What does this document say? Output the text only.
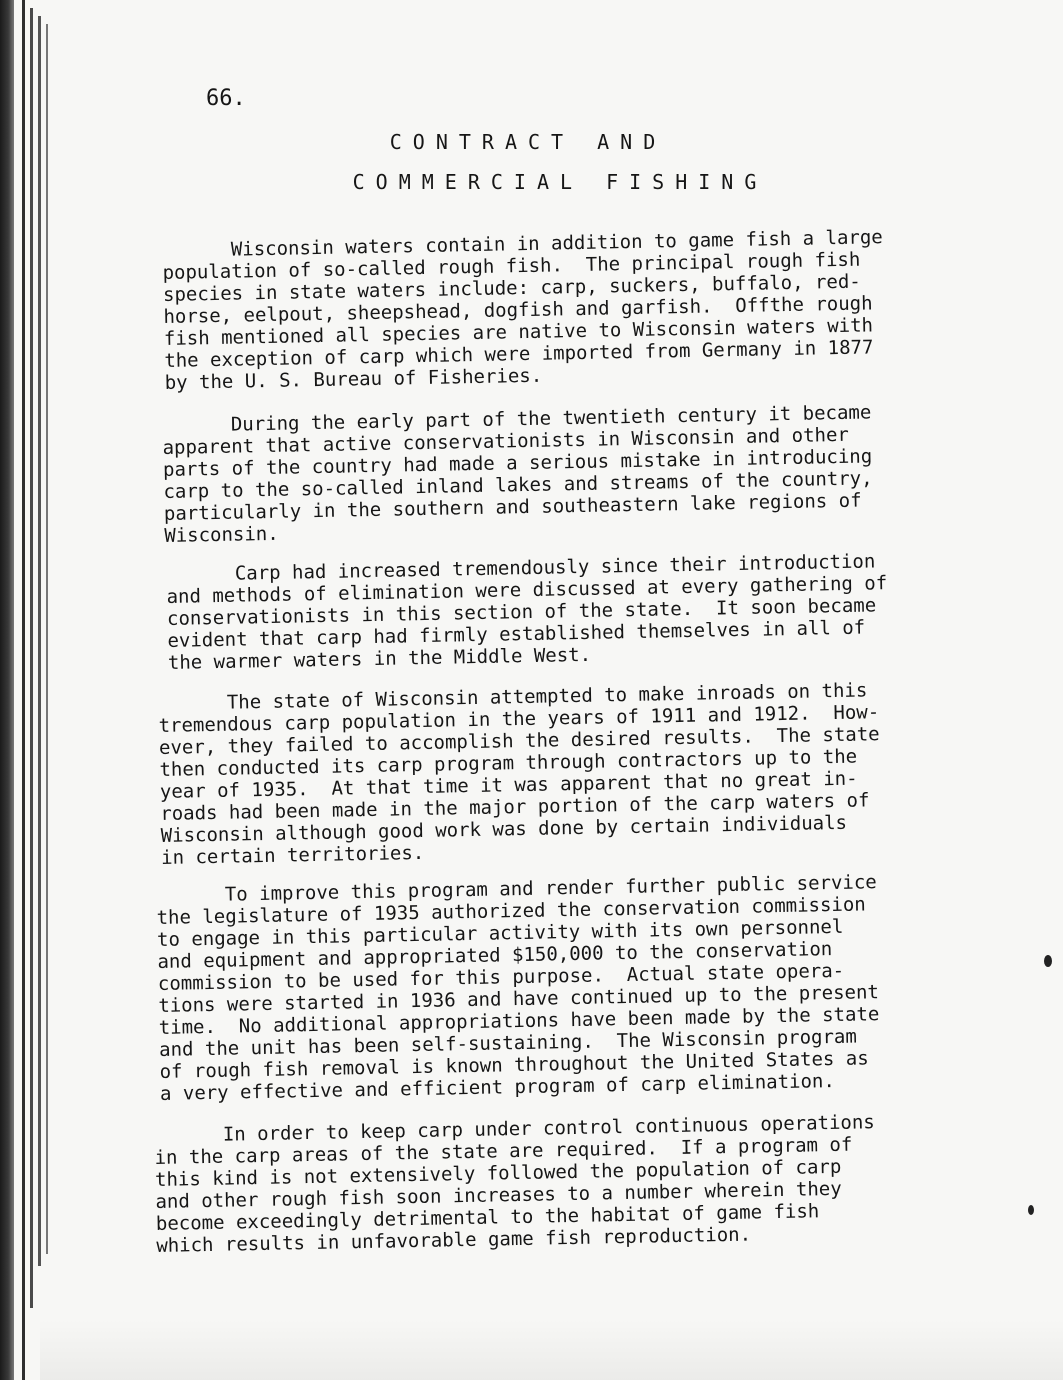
66.

CONTRACT AND
COMMERCIAL FISHING

Wisconsin waters contain in addition to game fish a large
population of so-called rough fish.  The principal rough fish
species in state waters include: carp, suckers, buffalo, red-
horse, eelpout, sheepshead, dogfish and garfish.  Offthe rough
fish mentioned all species are native to Wisconsin waters with
the exception of carp which were imported from Germany in 1877
by the U. S. Bureau of Fisheries.

During the early part of the twentieth century it became
apparent that active conservationists in Wisconsin and other
parts of the country had made a serious mistake in introducing
carp to the so-called inland lakes and streams of the country,
particularly in the southern and southeastern lake regions of
Wisconsin.

Carp had increased tremendously since their introduction
and methods of elimination were discussed at every gathering of
conservationists in this section of the state.  It soon became
evident that carp had firmly established themselves in all of
the warmer waters in the Middle West.

The state of Wisconsin attempted to make inroads on this
tremendous carp population in the years of 1911 and 1912.  How-
ever, they failed to accomplish the desired results.  The state
then conducted its carp program through contractors up to the
year of 1935.  At that time it was apparent that no great in-
roads had been made in the major portion of the carp waters of
Wisconsin although good work was done by certain individuals
in certain territories.

To improve this program and render further public service
the legislature of 1935 authorized the conservation commission
to engage in this particular activity with its own personnel
and equipment and appropriated $150,000 to the conservation
commission to be used for this purpose.  Actual state opera-
tions were started in 1936 and have continued up to the present
time.  No additional appropriations have been made by the state
and the unit has been self-sustaining.  The Wisconsin program
of rough fish removal is known throughout the United States as
a very effective and efficient program of carp elimination.

In order to keep carp under control continuous operations
in the carp areas of the state are required.  If a program of
this kind is not extensively followed the population of carp
and other rough fish soon increases to a number wherein they
become exceedingly detrimental to the habitat of game fish
which results in unfavorable game fish reproduction.
